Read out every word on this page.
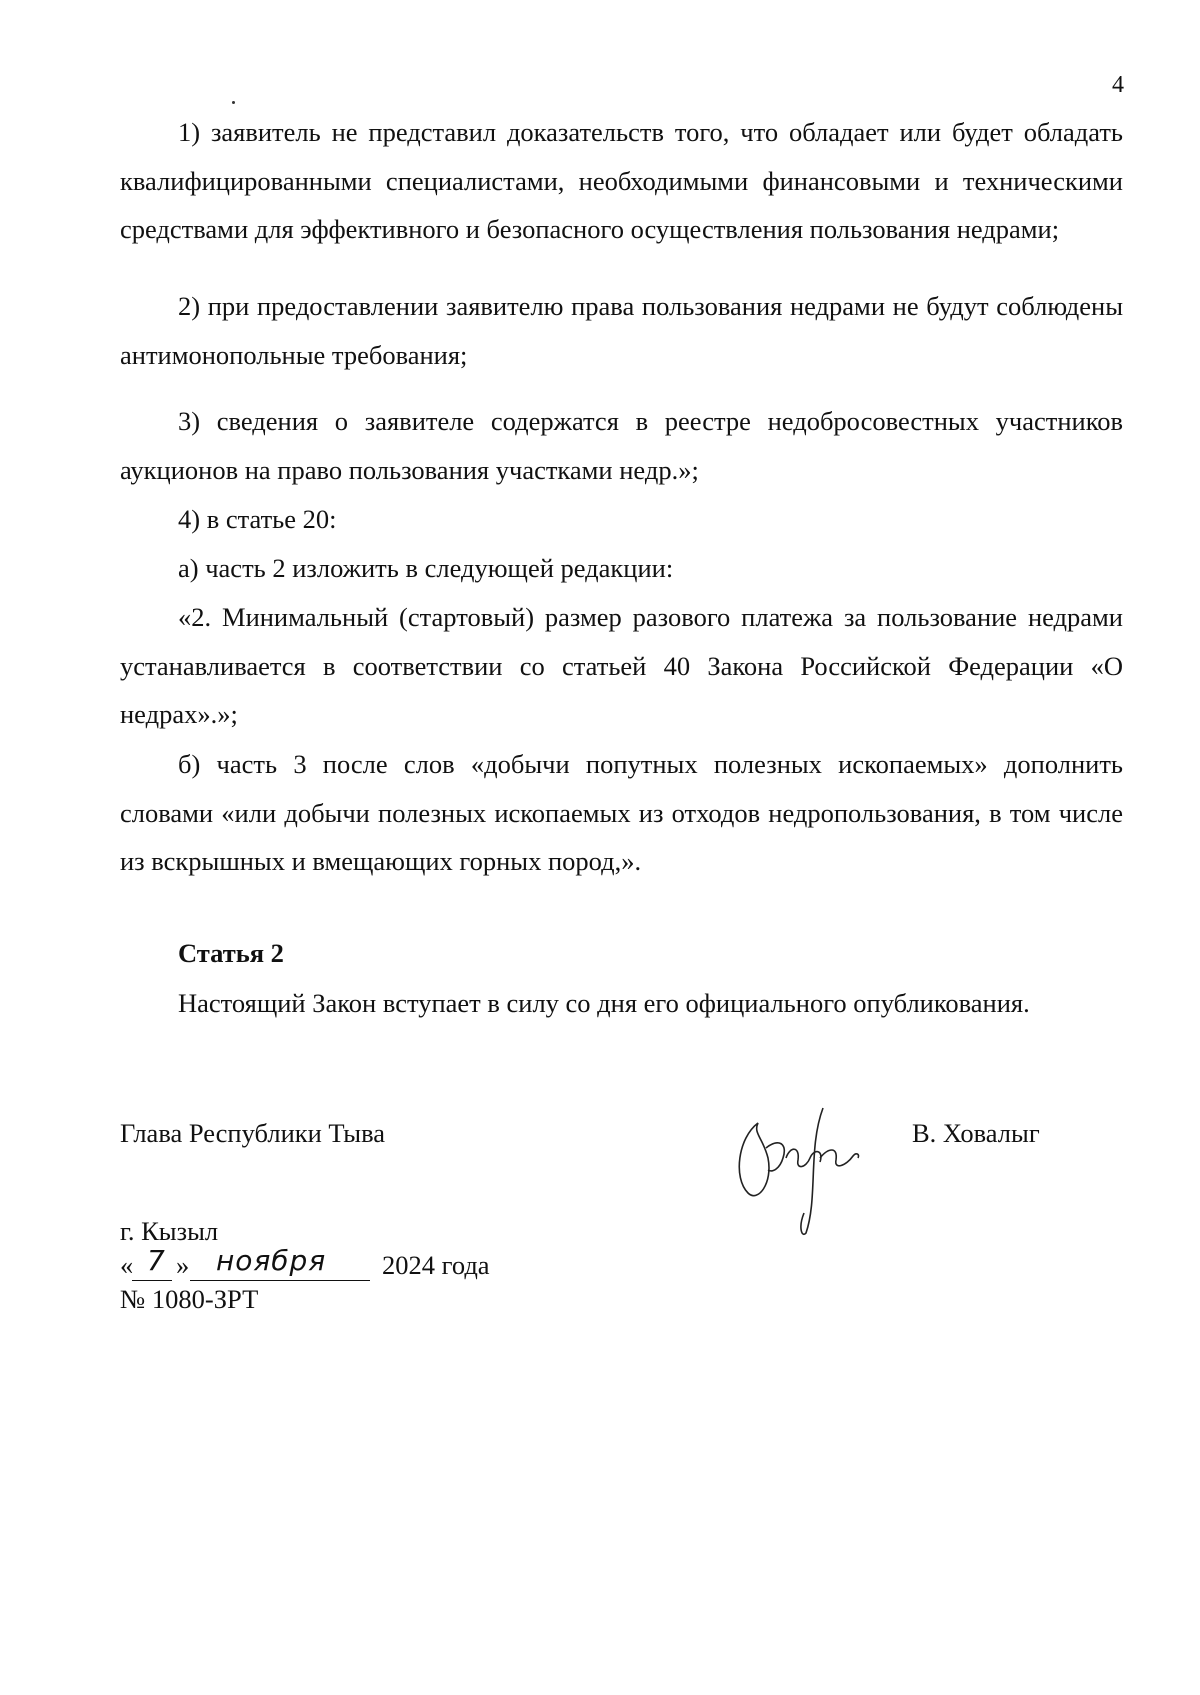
4

1) заявитель не представил доказательств того, что обладает или будет обладать квалифицированными специалистами, необходимыми финансовыми и техническими средствами для эффективного и безопасного осуществления пользования недрами;

2) при предоставлении заявителю права пользования недрами не будут соблюдены антимонопольные требования;

3) сведения о заявителе содержатся в реестре недобросовестных участников аукционов на право пользования участками недр.»;

4) в статье 20:

а) часть 2 изложить в следующей редакции:

«2. Минимальный (стартовый) размер разового платежа за пользование недрами устанавливается в соответствии со статьей 40 Закона Российской Федерации «О недрах».»;

б) часть 3 после слов «добычи попутных полезных ископаемых» дополнить словами «или добычи полезных ископаемых из отходов недропользования, в том числе из вскрышных и вмещающих горных пород,».

Статья 2

Настоящий Закон вступает в силу со дня его официального опубликования.

Глава Республики Тыва	В. Ховалыг
г. Кызыл
« 7 » ноября 2024 года
№ 1080-ЗРТ
